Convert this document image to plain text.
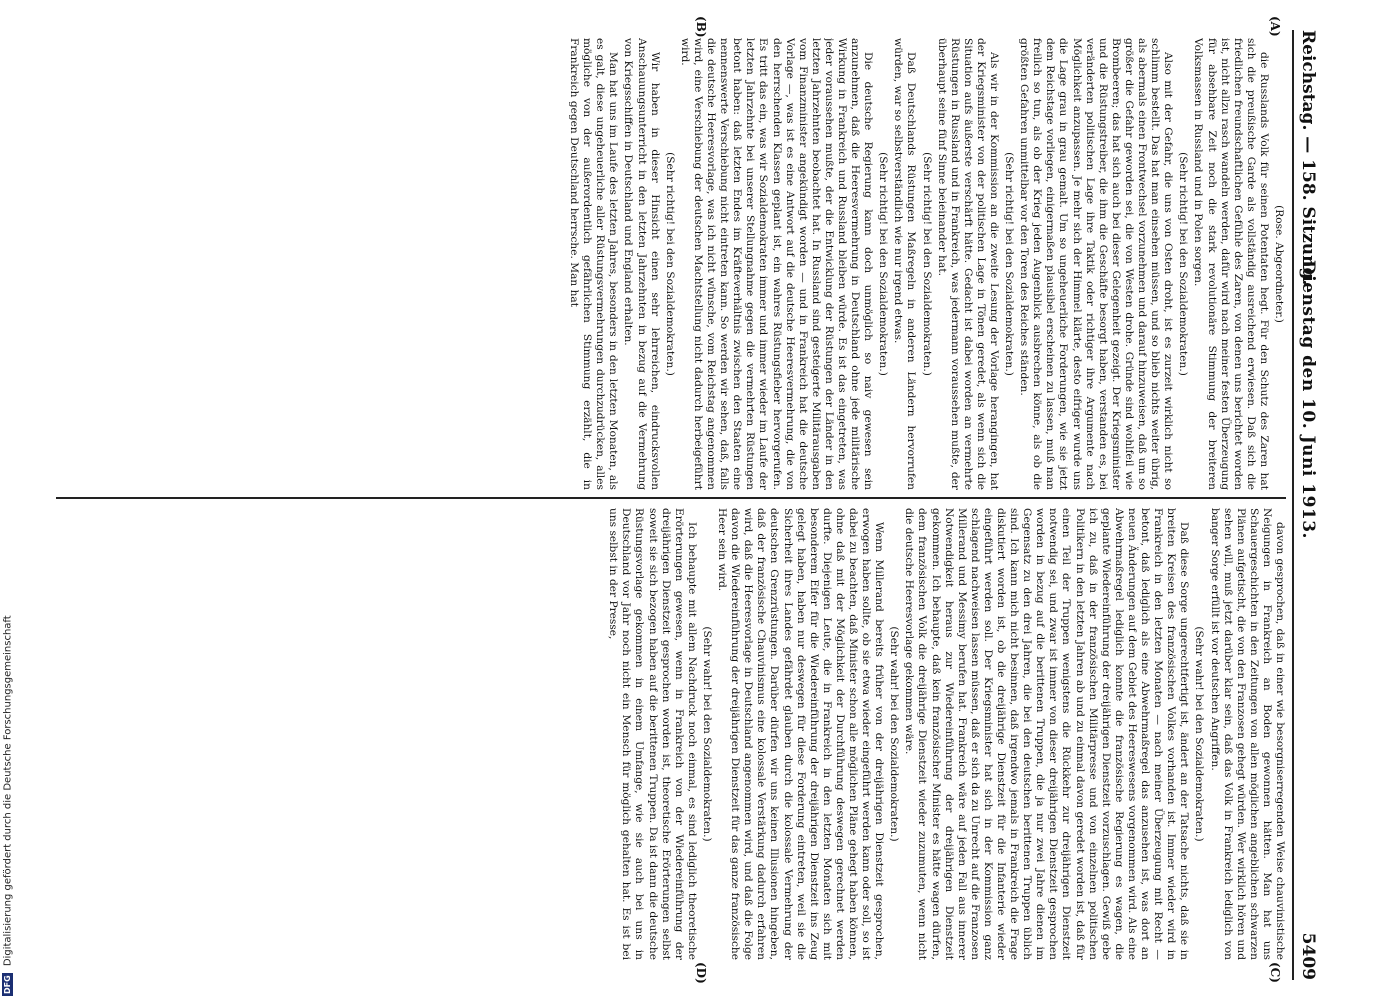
Reichstag. — 158. Sitzung.
Dienstag den 10. Juni 1913.
5409
(A)
(B)
(C)
(D)

(Rose. Abgeordneter.)

die Russlands Volk für seinen Potentaten hegt. Für den Schutz des Zaren hat sich die preußische Garde als vollständig ausreichend erwiesen. Daß sich die friedlichen freundschaftlichen Gefühle des Zaren, von denen uns berichtet worden ist, nicht allzu rasch wandeln werden, dafür wird nach meiner festen Überzeugung für absehbare Zeit noch die stark revolutionäre Stimmung der breiteren Volksmassen in Russland und in Polen sorgen.

(Sehr richtig! bei den Sozialdemokraten.)

Also mit der Gefahr, die uns von Osten droht, ist es zurzeit wirklich nicht so schlimm bestellt. Das hat man einsehen müssen, und so blieb nichts weiter übrig, als abermals einen Frontwechsel vorzunehmen und darauf hinzuweisen, daß um so größer die Gefahr geworden sei, die von Westen drohe. Gründe sind wohlfeil wie Brombeeren; das hat sich auch bei dieser Gelegenheit gezeigt. Der Kriegsminister und die Rüstungstreiber, die ihm die Geschäfte besorgt haben, verstanden es, bei veränderten politischen Lage ihre Taktik oder richtiger ihre Argumente nach Möglichkeit anzupassen. Je mehr sich der Himmel klärte, desto eifriger wurde uns die Lage grau in grau gemalt. Um so ungeheuerliche Forderungen, wie sie jetzt dem Reichstage vorliegen, einigermaßen plausibel erscheinen zu lassen, muß man freilich so tun, als ob der Krieg jeden Augenblick ausbrechen könne, als ob die größten Gefahren unmittelbar vor den Toren des Reiches ständen.

(Sehr richtig! bei den Sozialdemokraten.)

Als wir in der Kommission an die zweite Lesung der Vorlage herangingen, hat der Kriegsminister von der politischen Lage in Tönen geredet, als wenn sich die Situation aufs äußerste verschärft hätte. Gedacht ist dabei worden an vermehrte Rüstungen in Russland und in Frankreich, was jedermann voraussehen mußte, der überhaupt seine fünf Sinne beieinander hat.

(Sehr richtig! bei den Sozialdemokraten.)

Daß Deutschlands Rüstungen Maßregeln in anderen Ländern hervorrufen würden, war so selbstverständlich wie nur irgend etwas.

(Sehr richtig! bei den Sozialdemokraten.)

Die deutsche Regierung kann doch unmöglich so naiv gewesen sein anzunehmen, daß die Heeresvermehrung in Deutschland ohne jede militärische Wirkung in Frankreich und Russland bleiben würde. Es ist das eingetreten, was jeder voraussehen mußte, der die Entwicklung der Rüstungen der Länder in den letzten Jahrzehnten beobachtet hat. In Russland sind gesteigerte Militärausgaben vom Finanzminister angekündigt worden — und in Frankreich hat die deutsche Vorlage —, was ist es eine Antwort auf die deutsche Heeresvermehrung, die von den herrschenden Klassen geplant ist, ein wahres Rüstungsfieber hervorgerufen. Es tritt das ein, was wir Sozialdemokraten immer und immer wieder im Laufe der letzten Jahrzehnte bei unserer Stellungnahme gegen die vermehrten Rüstungen betont haben: daß letzten Endes im Kräfteverhältnis zwischen den Staaten eine nennenswerte Verschiebung nicht eintreten kann. So werden wir sehen, daß, falls die deutsche Heeresvorlage, was ich nicht wünsche, vom Reichstag angenommen wird, eine Verschiebung der deutschen Machtstellung nicht dadurch herbeigeführt wird.

(Sehr richtig! bei den Sozialdemokraten.)

Wir haben in dieser Hinsicht einen sehr lehrreichen, eindrucksvollen Anschauungsunterricht in den letzten Jahrzehnten in bezug auf die Vermehrung von Kriegsschiffen in Deutschland und England erhalten.

Man hat uns im Laufe des letzten Jahres, besonders in den letzten Monaten, als es galt, diese ungeheuerliche aller Rüstungsvermehrungen durchzudrücken, alles mögliche von der außerordentlich gefährlichen Stimmung erzählt, die in Frankreich gegen Deutschland herrsche. Man hat

davon gesprochen, daß in einer wie besorgniserregenden Weise chauvinistische Neigungen in Frankreich an Boden gewonnen hätten. Man hat uns Schauergeschichten in den Zeitungen von allen möglichen angeblichen schwarzen Plänen aufgetischt, die von den Franzosen gehegt würden. Wer wirklich hören und sehen will, muß jetzt darüber klar sein, daß das Volk in Frankreich lediglich von banger Sorge erfüllt ist vor deutschen Angriffen.

(Sehr wahr! bei den Sozialdemokraten.)

Daß diese Sorge ungerechtfertigt ist, ändert an der Tatsache nichts, daß sie in breiten Kreisen des französischen Volkes vorhanden ist. Immer wieder wird in Frankreich in den letzten Monaten — nach meiner Überzeugung mit Recht — betont, daß lediglich als eine Abwehrmaßregel das anzusehen ist, was dort an neuen Änderungen auf dem Gebiet des Heereswesens vorgenommen wird. Als eine Abwehrmaßregel lediglich konnte die französische Regierung es wagen, die geplante Wiedereinführung der dreijährigen Dienstzeit vorzuschlagen. Gewiß gebe ich zu, daß in der französischen Militärpresse und von einzelnen politischen Politikern in den letzten Jahren ab und zu einmal davon geredet worden ist, daß für einen Teil der Truppen wenigstens die Rückkehr zur dreijährigen Dienstzeit notwendig sei, und zwar ist immer von dieser dreijährigen Dienstzeit gesprochen worden in bezug auf die berittenen Truppen, die ja nur zwei Jahre dienen im Gegensatz zu den drei Jahren, die bei den deutschen berittenen Truppen üblich sind. Ich kann mich nicht besinnen, daß irgendwo jemals in Frankreich die Frage diskutiert worden ist, ob die dreijährige Dienstzeit für die Infanterie wieder eingeführt werden soll. Der Kriegsminister hat sich in der Kommission ganz schlagend nachweisen lassen müssen, daß er sich da zu Unrecht auf die Franzosen Millerand und Messimy berufen hat. Frankreich wäre auf jeden Fall aus innerer Notwendigkeit heraus zur Wiedereinführung der dreijährigen Dienstzeit gekommen. Ich behaupte, daß kein französischer Minister es hätte wagen dürfen, dem französischen Volk die dreijährige Dienstzeit wieder zuzumuten, wenn nicht die deutsche Heeresvorlage gekommen wäre.

(Sehr wahr! bei den Sozialdemokraten.)

Wenn Millerand bereits früher von der dreijährigen Dienstzeit gesprochen, erwogen haben sollte, ob sie etwa wieder eingeführt werden kann oder soll, so ist dabei zu beachten, daß Minister schon alle möglichen Pläne gehegt haben können, ohne daß mit der Möglichkeit der Durchführung deswegen gerechnet werden durfte. Diejenigen Leute, die in Frankreich in den letzten Monaten sich mit besonderem Eifer für die Wiedereinführung der dreijährigen Dienstzeit ins Zeug gelegt haben, haben nur deswegen für diese Forderung eintreten, weil sie die Sicherheit ihres Landes gefährdet glauben durch die kolossale Vermehrung der deutschen Grenzrüstungen. Darüber dürfen wir uns keinen Illusionen hingeben, daß der französische Chauvinismus eine kolossale Verstärkung dadurch erfahren wird, daß die Heeresvorlage in Deutschland angenommen wird, und daß die Folge davon die Wiedereinführung der dreijährigen Dienstzeit für das ganze französische Heer sein wird.

(Sehr wahr! bei den Sozialdemokraten.)

Ich behaupte mit allem Nachdruck noch einmal, es sind lediglich theoretische Erörterungen gewesen, wenn in Frankreich von der Wiedereinführung der dreijährigen Dienstzeit gesprochen worden ist, theoretische Erörterungen selbst soweit sie sich bezogen haben auf die berittenen Truppen. Da ist dann die deutsche Rüstungsvorlage gekommen in einem Umfange, wie sie auch bei uns in Deutschland vor Jahr noch nicht ein Mensch für möglich gehalten hat. Es ist bei uns selbst in der Presse,

DFG Digitalisierung gefördert durch die Deutsche Forschungsgemeinschaft
